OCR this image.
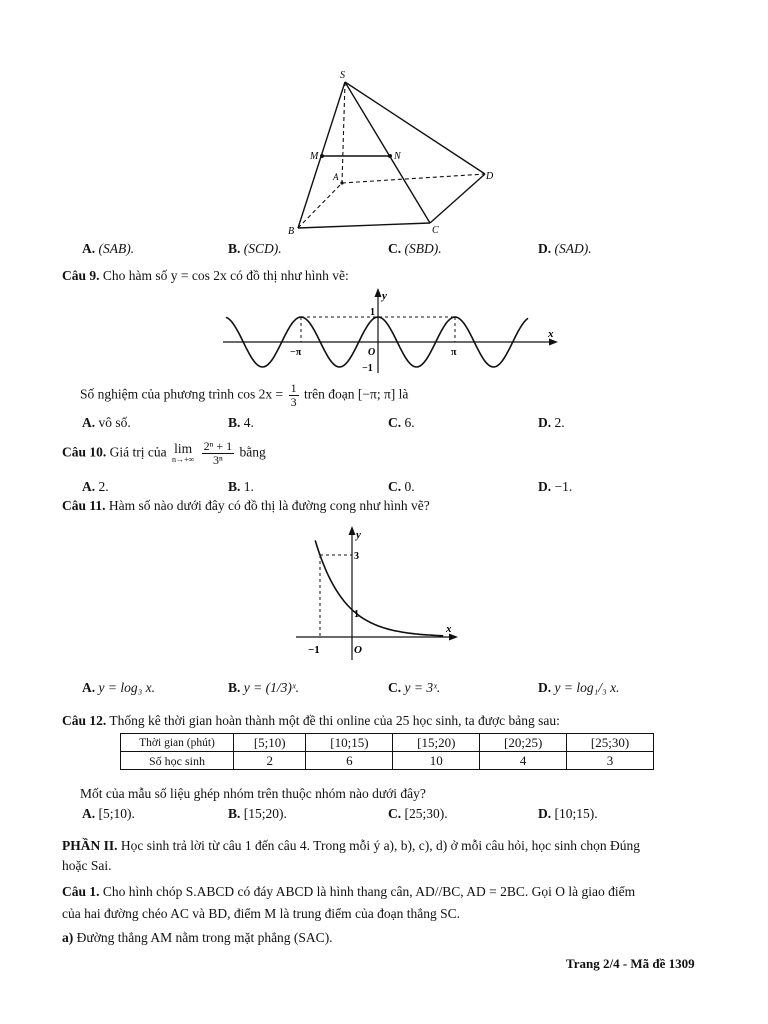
S
M	N
A	D
B	C
A. (SAB).	B. (SCD).	C. (SBD).	D. (SAD).
Câu 9. Cho hàm số y = cos 2x có đồ thị như hình vẽ:
y
x
1
−1
O
−π	π
Số nghiệm của phương trình $\cos 2x = \frac{1}{3}$ trên đoạn [−π; π] là
A. vô số.	B. 4.	C. 6.	D. 2.
Câu 10. Giá trị của lim
n→+∞
$\frac{\text{2ⁿ + 1}}{\text{3ⁿ}}$ bằng
A. 2.	B. 1.	C. 0.	D. −1.
Câu 11. Hàm số nào dưới đây có đồ thị là đường cong như hình vẽ?
y
x
3
1
−1	O
A. y = log₃ x.	B. y = (1/3)ˣ.	C. y = 3ˣ.	D. y = log₁/₃ x.
Câu 12. Thống kê thời gian hoàn thành một đề thi online của 25 học sinh, ta được bảng sau:
Thời gian (phút)	[5;10)	[10;15)	[15;20)	[20;25)	[25;30)
Số học sinh	2	6	10	4	3
Mốt của mẫu số liệu ghép nhóm trên thuộc nhóm nào dưới đây?
A. [5;10).	B. [15;20).	C. [25;30).	D. [10;15).
PHẦN II. Học sinh trả lời từ câu 1 đến câu 4. Trong mỗi ý a), b), c), d) ở mỗi câu hỏi, học sinh chọn Đúng
hoặc Sai.
Câu 1. Cho hình chóp S.ABCD có đáy ABCD là hình thang cân, AD//BC, AD = 2BC. Gọi O là giao điểm
của hai đường chéo AC và BD, điểm M là trung điểm của đoạn thẳng SC.
a) Đường thẳng AM nằm trong mặt phẳng (SAC).
Trang 2/4 - Mã đề 1309
